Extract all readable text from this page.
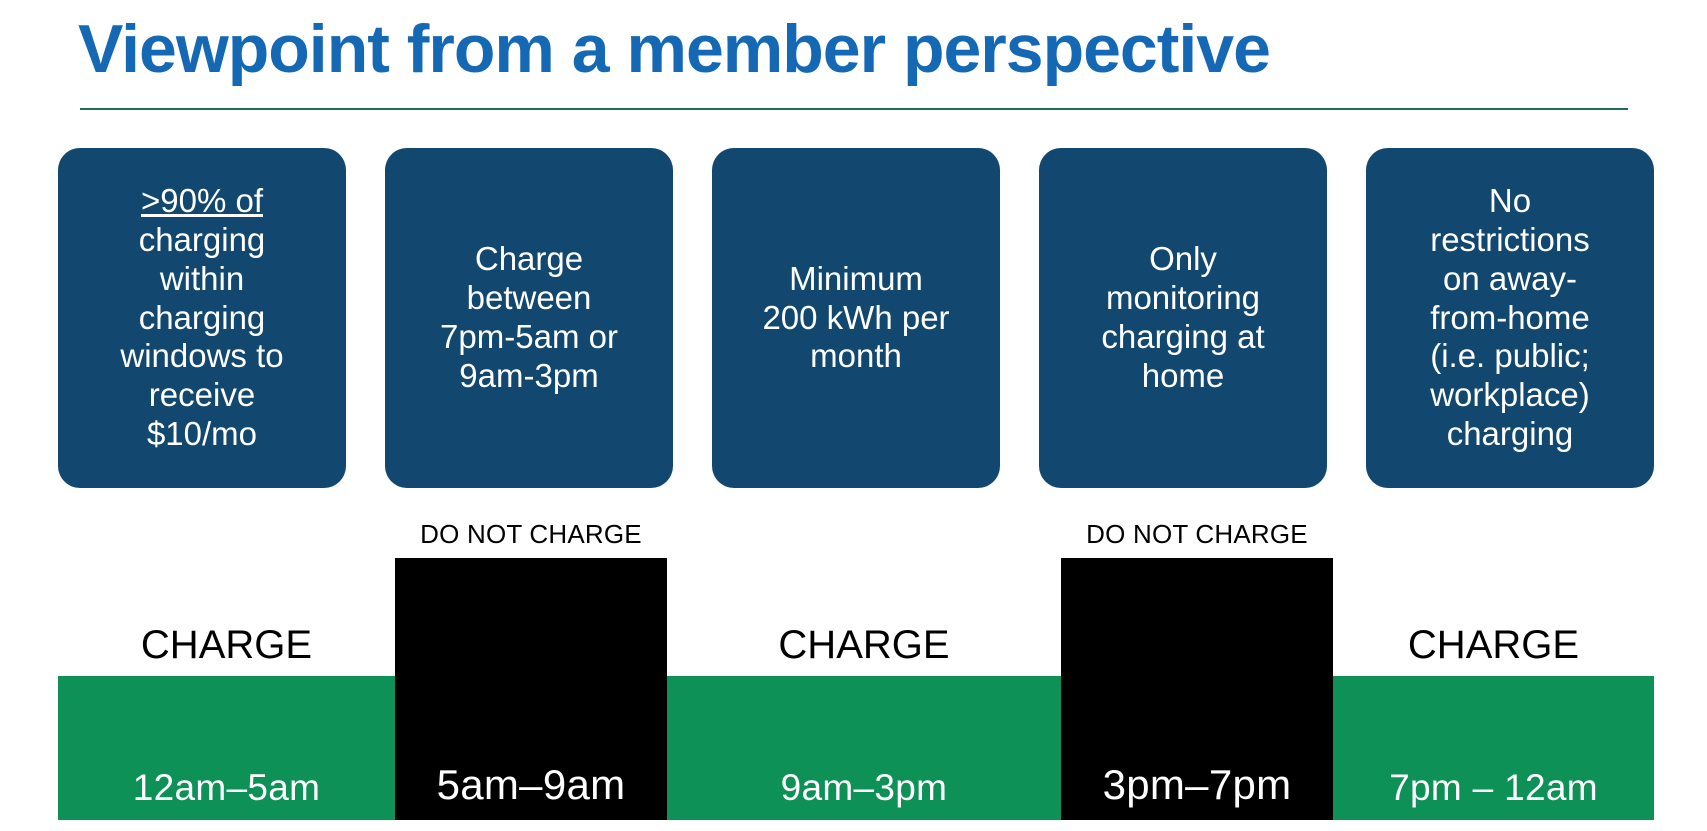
Viewpoint from a member perspective
>90% of
charging
within
charging
windows to
receive
$10/mo
Charge
between
7pm-5am or
9am-3pm
Minimum
200 kWh per
month
Only
monitoring
charging at
home
No
restrictions
on away-
from-home
(i.e. public;
workplace)
charging
CHARGE
12am–5am
DO NOT CHARGE
5am–9am
CHARGE
9am–3pm
DO NOT CHARGE
3pm–7pm
CHARGE
7pm – 12am
